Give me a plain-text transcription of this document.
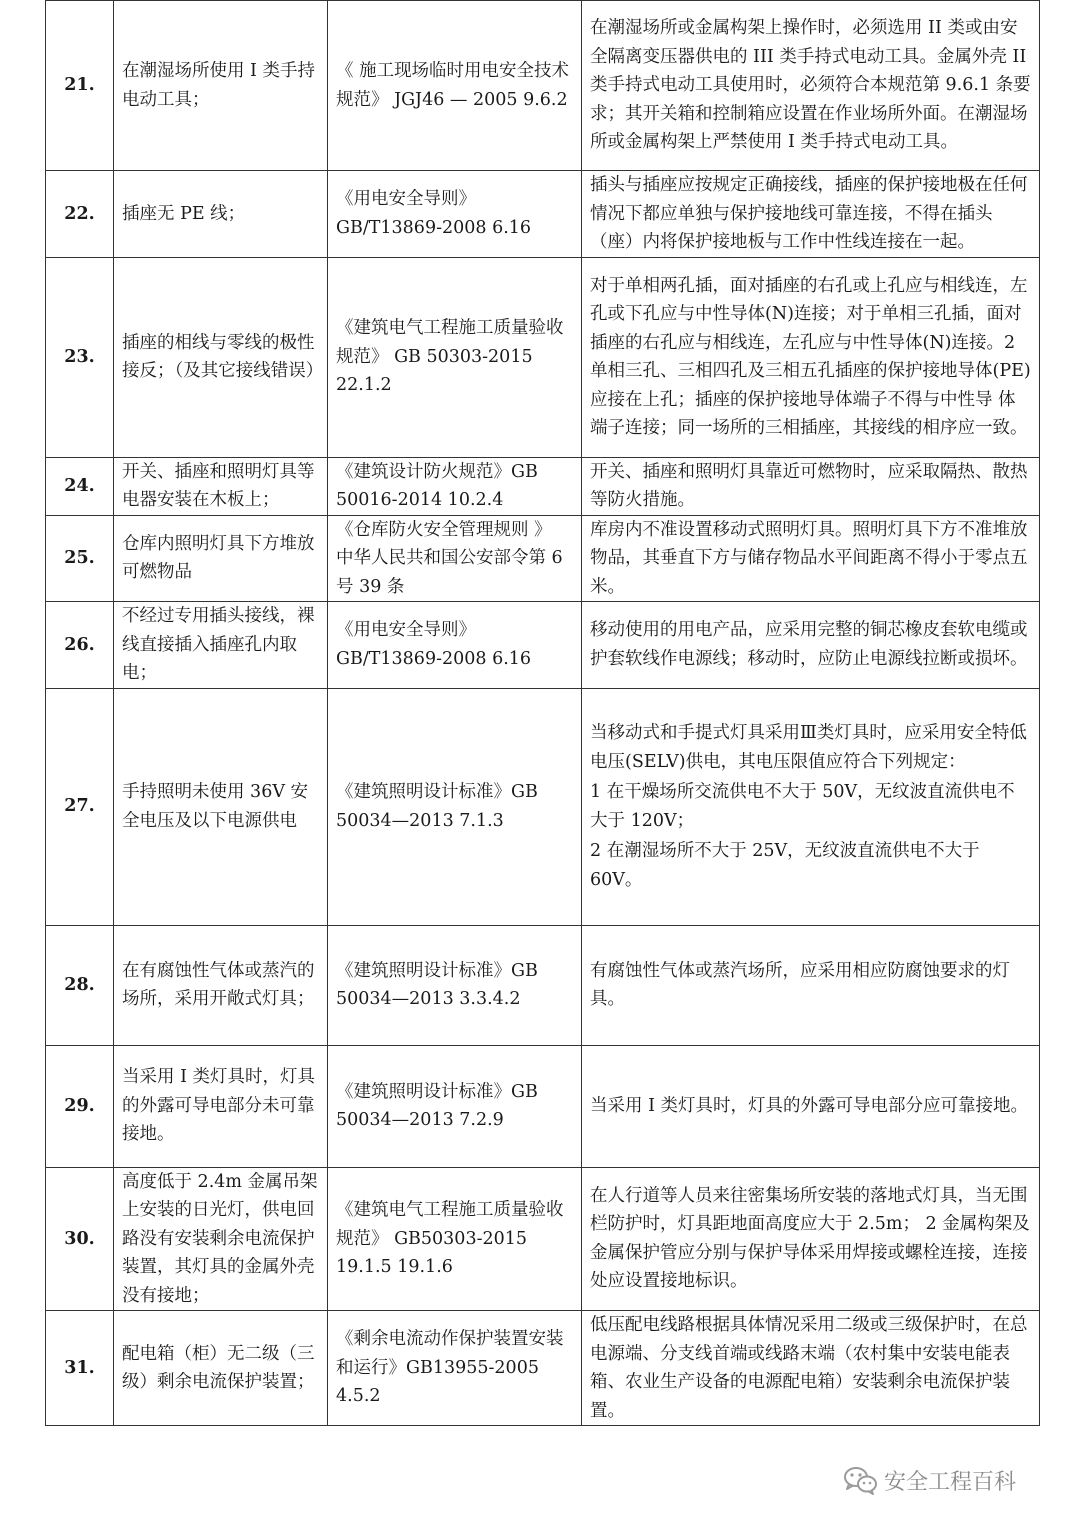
21.	在潮湿场所使用 I 类手持电动工具；	《 施工现场临时用电安全技术规范》 JGJ46 — 2005 9.6.2	在潮湿场所或金属构架上操作时，必须选用 II 类或由安全隔离变压器供电的 III 类手持式电动工具。金属外壳 II 类手持式电动工具使用时，必须符合本规范第 9.6.1 条要求；其开关箱和控制箱应设置在作业场所外面。在潮湿场所或金属构架上严禁使用 I 类手持式电动工具。

22.	插座无 PE 线；	《用电安全导则》 GB/T13869-2008 6.16	插头与插座应按规定正确接线，插座的保护接地极在任何情况下都应单独与保护接地线可靠连接，不得在插头（座）内将保护接地板与工作中性线连接在一起。

23.	插座的相线与零线的极性接反；（及其它接线错误）	《建筑电气工程施工质量验收规范》 GB 50303-2015 22.1.2	对于单相两孔插，面对插座的右孔或上孔应与相线连，左孔或下孔应与中性导体(N)连接；对于单相三孔插，面对插座的右孔应与相线连，左孔应与中性导体(N)连接。2 单相三孔、三相四孔及三相五孔插座的保护接地导体(PE)应接在上孔；插座的保护接地导体端子不得与中性导 体端子连接；同一场所的三相插座，其接线的相序应一致。

24.	开关、插座和照明灯具等电器安装在木板上；	《建筑设计防火规范》GB 50016-2014 10.2.4	开关、插座和照明灯具靠近可燃物时，应采取隔热、散热等防火措施。

25.	仓库内照明灯具下方堆放可燃物品	《仓库防火安全管理规则 》 中华人民共和国公安部令第 6 号 39 条	库房内不准设置移动式照明灯具。照明灯具下方不准堆放物品，其垂直下方与储存物品水平间距离不得小于零点五米。

26.	不经过专用插头接线，裸线直接插入插座孔内取电；	《用电安全导则》 GB/T13869-2008 6.16	移动使用的用电产品，应采用完整的铜芯橡皮套软电缆或护套软线作电源线；移动时，应防止电源线拉断或损坏。

27.	手持照明未使用 36V 安全电压及以下电源供电	《建筑照明设计标准》GB 50034—2013 7.1.3	当移动式和手提式灯具采用Ⅲ类灯具时，应采用安全特低电压(SELV)供电，其电压限值应符合下列规定：

1 在干燥场所交流供电不大于 50V，无纹波直流供电不大于 120V；

2 在潮湿场所不大于 25V，无纹波直流供电不大于 60V。

28.	在有腐蚀性气体或蒸汽的场所，采用开敞式灯具；	《建筑照明设计标准》GB 50034—2013 3.3.4.2	有腐蚀性气体或蒸汽场所，应采用相应防腐蚀要求的灯具。

29.	当采用 I 类灯具时，灯具的外露可导电部分未可靠接地。	《建筑照明设计标准》GB 50034—2013 7.2.9	当采用 I 类灯具时，灯具的外露可导电部分应可靠接地。

30.	高度低于 2.4m 金属吊架上安装的日光灯，供电回路没有安装剩余电流保护装置，其灯具的金属外壳没有接地；	《建筑电气工程施工质量验收规范》 GB50303-2015 19.1.5 19.1.6	在人行道等人员来往密集场所安装的落地式灯具，当无围栏防护时，灯具距地面高度应大于 2.5m； 2 金属构架及金属保护管应分别与保护导体采用焊接或螺栓连接，连接处应设置接地标识。

31.	配电箱（柜）无二级（三级）剩余电流保护装置；	《剩余电流动作保护装置安装和运行》GB13955-2005 4.5.2	低压配电线路根据具体情况采用二级或三级保护时，在总电源端、分支线首端或线路末端（农村集中安装电能表箱、农业生产设备的电源配电箱）安装剩余电流保护装置。

安全工程百科
